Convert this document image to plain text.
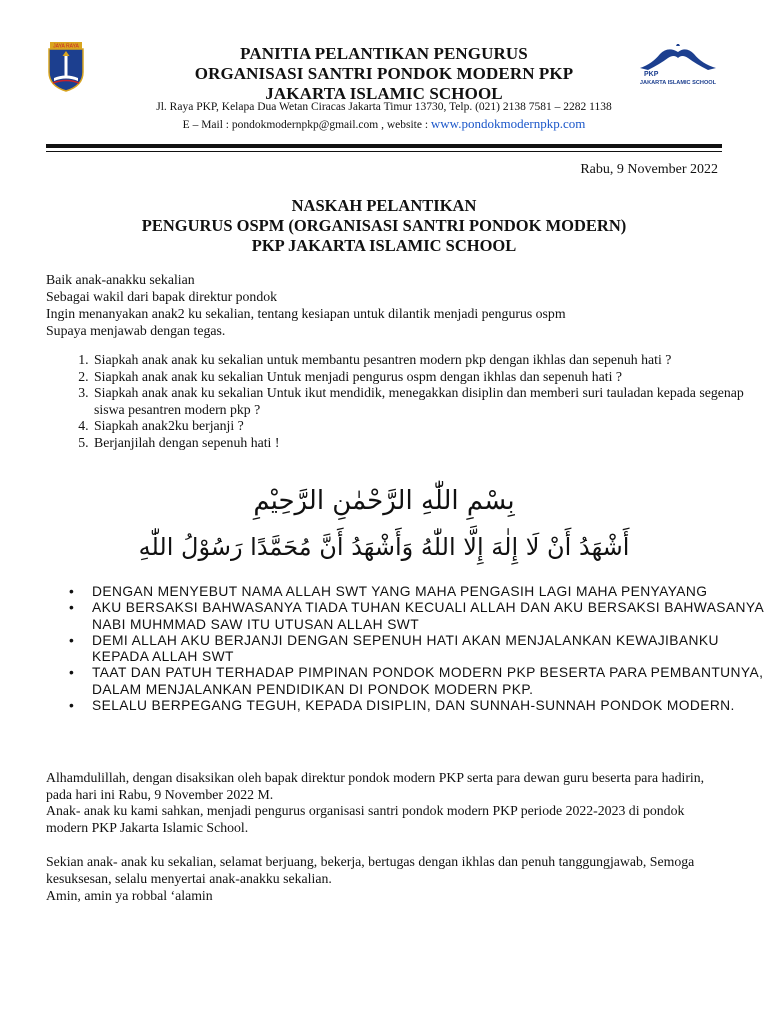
JAYA RAYA
PKP
JAKARTA ISLAMIC SCHOOL
PANITIA PELANTIKAN PENGURUS
ORGANISASI SANTRI PONDOK MODERN PKP
JAKARTA ISLAMIC SCHOOL
Jl. Raya PKP, Kelapa Dua Wetan Ciracas Jakarta Timur 13730, Telp. (021) 2138 7581 – 2282 1138
E – Mail : pondokmodernpkp@gmail.com , website : www.pondokmodernpkp.com
Rabu, 9 November 2022
NASKAH PELANTIKAN
PENGURUS OSPM (ORGANISASI SANTRI PONDOK MODERN)
PKP JAKARTA ISLAMIC SCHOOL
Baik anak-anakku sekalian
Sebagai wakil dari bapak direktur pondok
Ingin menanyakan anak2 ku sekalian, tentang kesiapan untuk dilantik menjadi pengurus ospm
Supaya menjawab dengan tegas.
1. Siapkah anak anak ku sekalian untuk membantu pesantren modern pkp dengan ikhlas dan sepenuh hati ?
2. Siapkah anak anak ku sekalian Untuk menjadi pengurus ospm dengan ikhlas dan sepenuh hati ?
3. Siapkah anak anak ku sekalian Untuk ikut mendidik, menegakkan disiplin dan memberi suri tauladan kepada segenap siswa pesantren modern pkp ?
4. Siapkah anak2ku berjanji ?
5. Berjanjilah dengan sepenuh hati !
بِسْمِ اللّٰهِ الرَّحْمٰنِ الرَّحِيْمِ
أَشْهَدُ أَنْ لَا إِلٰهَ إِلَّا اللّٰهُ وَأَشْهَدُ أَنَّ مُحَمَّدًا رَسُوْلُ اللّٰهِ
• DENGAN MENYEBUT NAMA ALLAH SWT YANG MAHA PENGASIH LAGI MAHA PENYAYANG
• AKU BERSAKSI BAHWASANYA TIADA TUHAN KECUALI ALLAH DAN AKU BERSAKSI BAHWASANYA NABI MUHMMAD SAW ITU UTUSAN ALLAH SWT
• DEMI ALLAH AKU BERJANJI DENGAN SEPENUH HATI AKAN MENJALANKAN KEWAJIBANKU KEPADA ALLAH SWT
• TAAT DAN PATUH TERHADAP PIMPINAN PONDOK MODERN PKP BESERTA PARA PEMBANTUNYA, DALAM MENJALANKAN PENDIDIKAN DI PONDOK MODERN PKP.
• SELALU BERPEGANG TEGUH, KEPADA DISIPLIN, DAN SUNNAH-SUNNAH PONDOK MODERN.
Alhamdulillah, dengan disaksikan oleh bapak direktur pondok modern PKP serta para dewan guru beserta para hadirin, pada hari ini Rabu, 9 November 2022 M.
Anak- anak ku kami sahkan, menjadi pengurus organisasi santri pondok modern PKP periode 2022-2023 di pondok modern PKP Jakarta Islamic School.
Sekian anak- anak ku sekalian, selamat berjuang, bekerja, bertugas dengan ikhlas dan penuh tanggungjawab, Semoga kesuksesan, selalu menyertai anak-anakku sekalian.
Amin, amin ya robbal ‘alamin
